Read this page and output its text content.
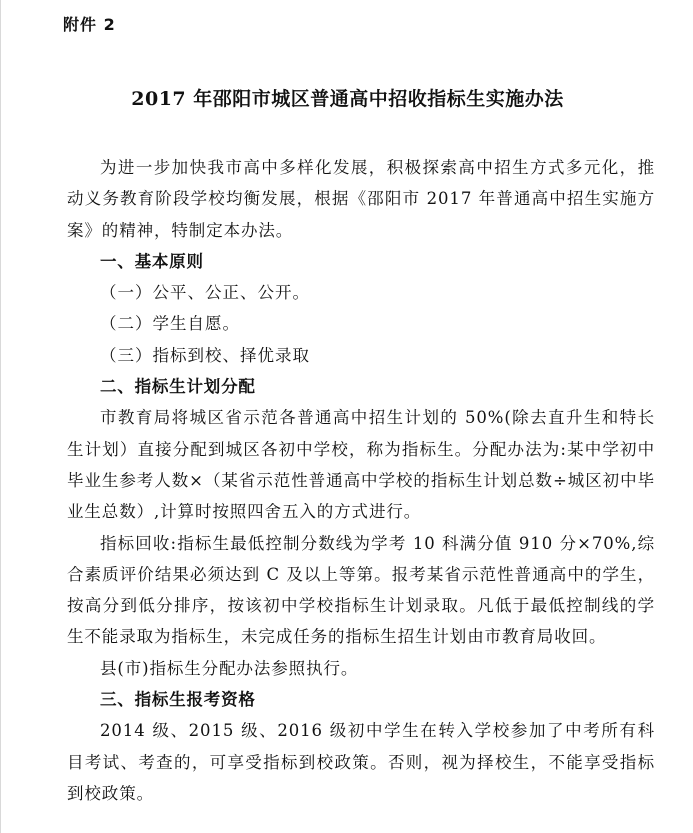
附件 2
2017 年邵阳市城区普通高中招收指标生实施办法

为进一步加快我市高中多样化发展，积极探索高中招生方式多元化，推动义务教育阶段学校均衡发展，根据《邵阳市 2017 年普通高中招生实施方案》的精神，特制定本办法。

一、基本原则

（一）公平、公正、公开。

（二）学生自愿。

（三）指标到校、择优录取

二、指标生计划分配

市教育局将城区省示范各普通高中招生计划的 50%(除去直升生和特长生计划）直接分配到城区各初中学校，称为指标生。分配办法为:某中学初中毕业生参考人数×（某省示范性普通高中学校的指标生计划总数÷城区初中毕业生总数）,计算时按照四舍五入的方式进行。

指标回收:指标生最低控制分数线为学考 10 科满分值 910 分×70%,综合素质评价结果必须达到 C 及以上等第。报考某省示范性普通高中的学生，按高分到低分排序，按该初中学校指标生计划录取。凡低于最低控制线的学生不能录取为指标生，未完成任务的指标生招生计划由市教育局收回。

县(市)指标生分配办法参照执行。

三、指标生报考资格

2014 级、2015 级、2016 级初中学生在转入学校参加了中考所有科目考试、考查的，可享受指标到校政策。否则，视为择校生，不能享受指标到校政策。
